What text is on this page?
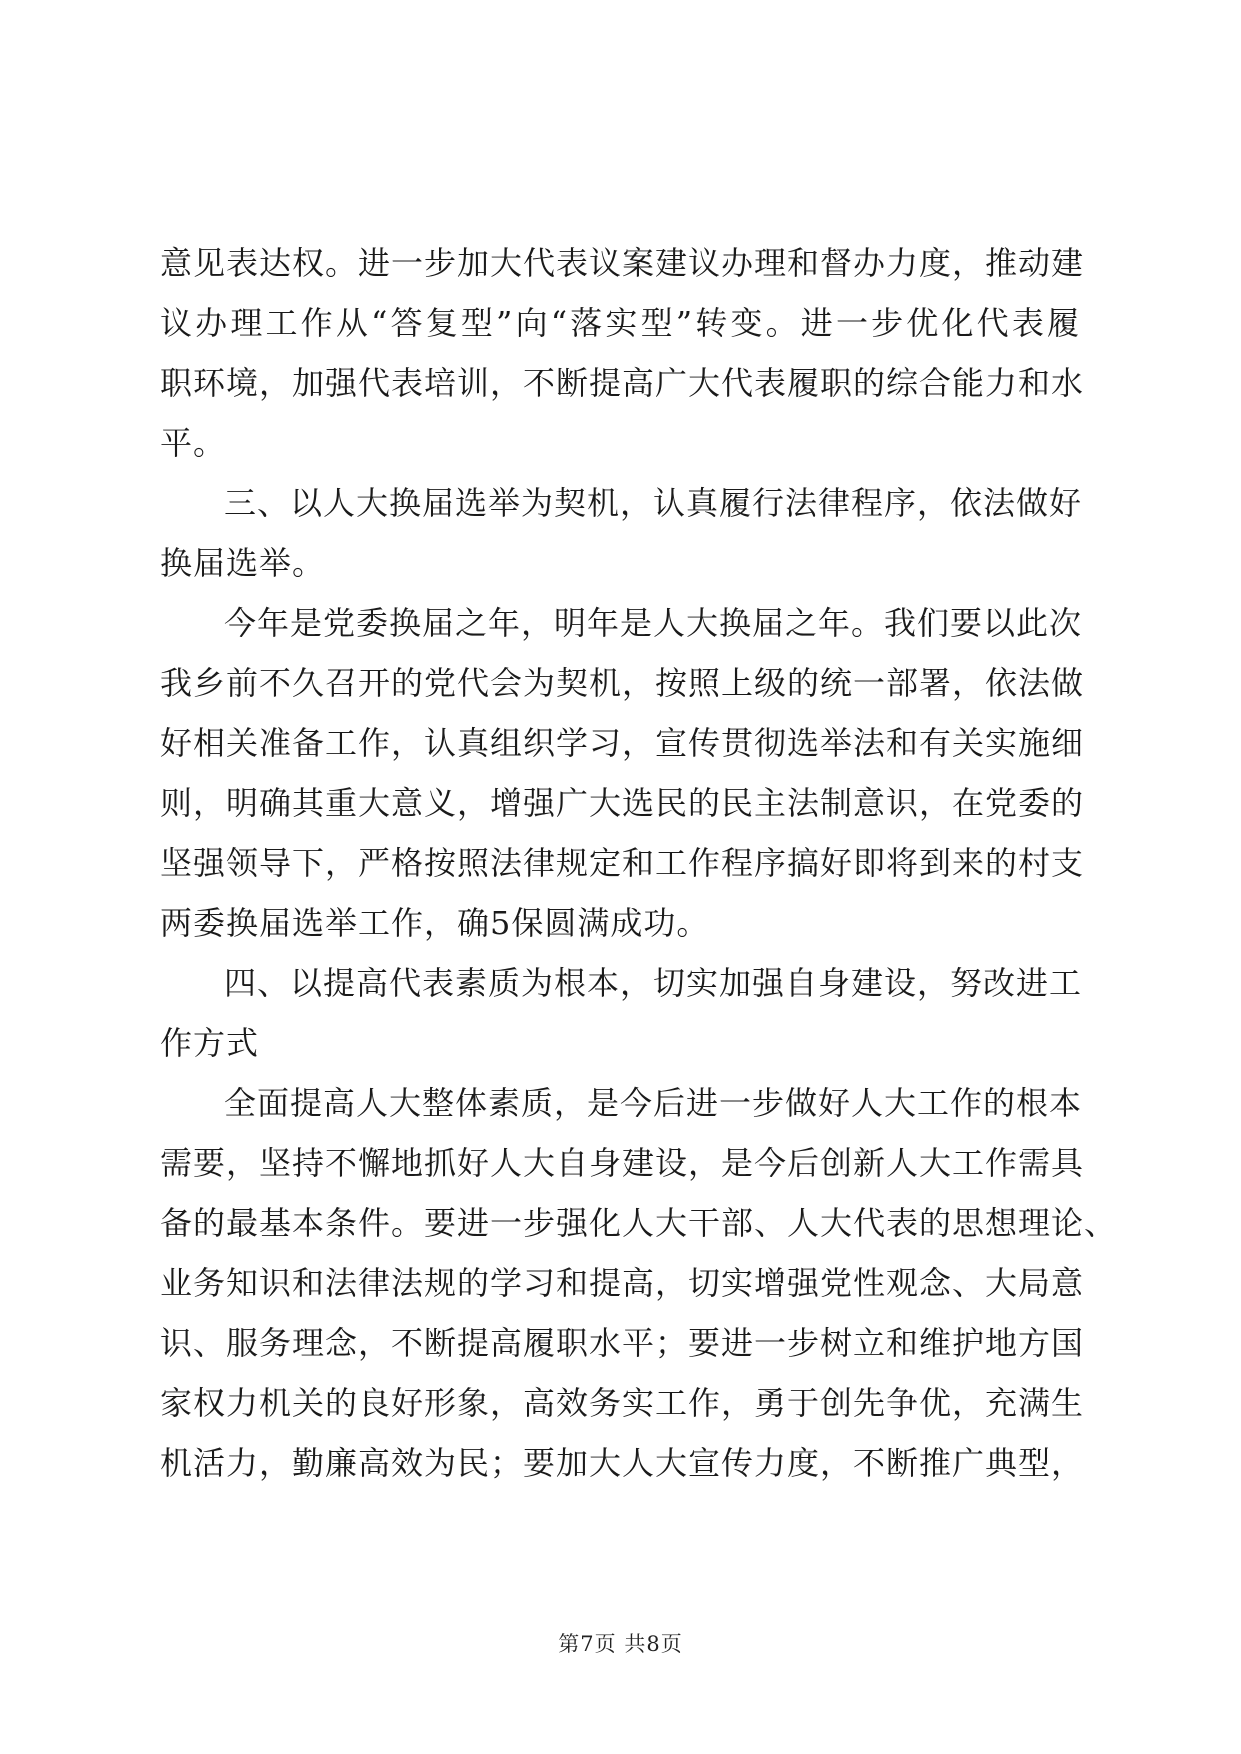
意见表达权。进一步加大代表议案建议办理和督办力度，推动建
议办理工作从“答复型”向“落实型”转变。进一步优化代表履
职环境，加强代表培训，不断提高广大代表履职的综合能力和水
平。
三、以人大换届选举为契机，认真履行法律程序，依法做好
换届选举。
今年是党委换届之年，明年是人大换届之年。我们要以此次
我乡前不久召开的党代会为契机，按照上级的统一部署，依法做
好相关准备工作，认真组织学习，宣传贯彻选举法和有关实施细
则，明确其重大意义，增强广大选民的民主法制意识，在党委的
坚强领导下，严格按照法律规定和工作程序搞好即将到来的村支
两委换届选举工作，确5保圆满成功。
四、以提高代表素质为根本，切实加强自身建设，努改进工
作方式
全面提高人大整体素质，是今后进一步做好人大工作的根本
需要，坚持不懈地抓好人大自身建设，是今后创新人大工作需具
备的最基本条件。要进一步强化人大干部、人大代表的思想理论、
业务知识和法律法规的学习和提高，切实增强党性观念、大局意
识、服务理念，不断提高履职水平；要进一步树立和维护地方国
家权力机关的良好形象，高效务实工作，勇于创先争优，充满生
机活力，勤廉高效为民；要加大人大宣传力度，不断推广典型，
第7页 共8页
